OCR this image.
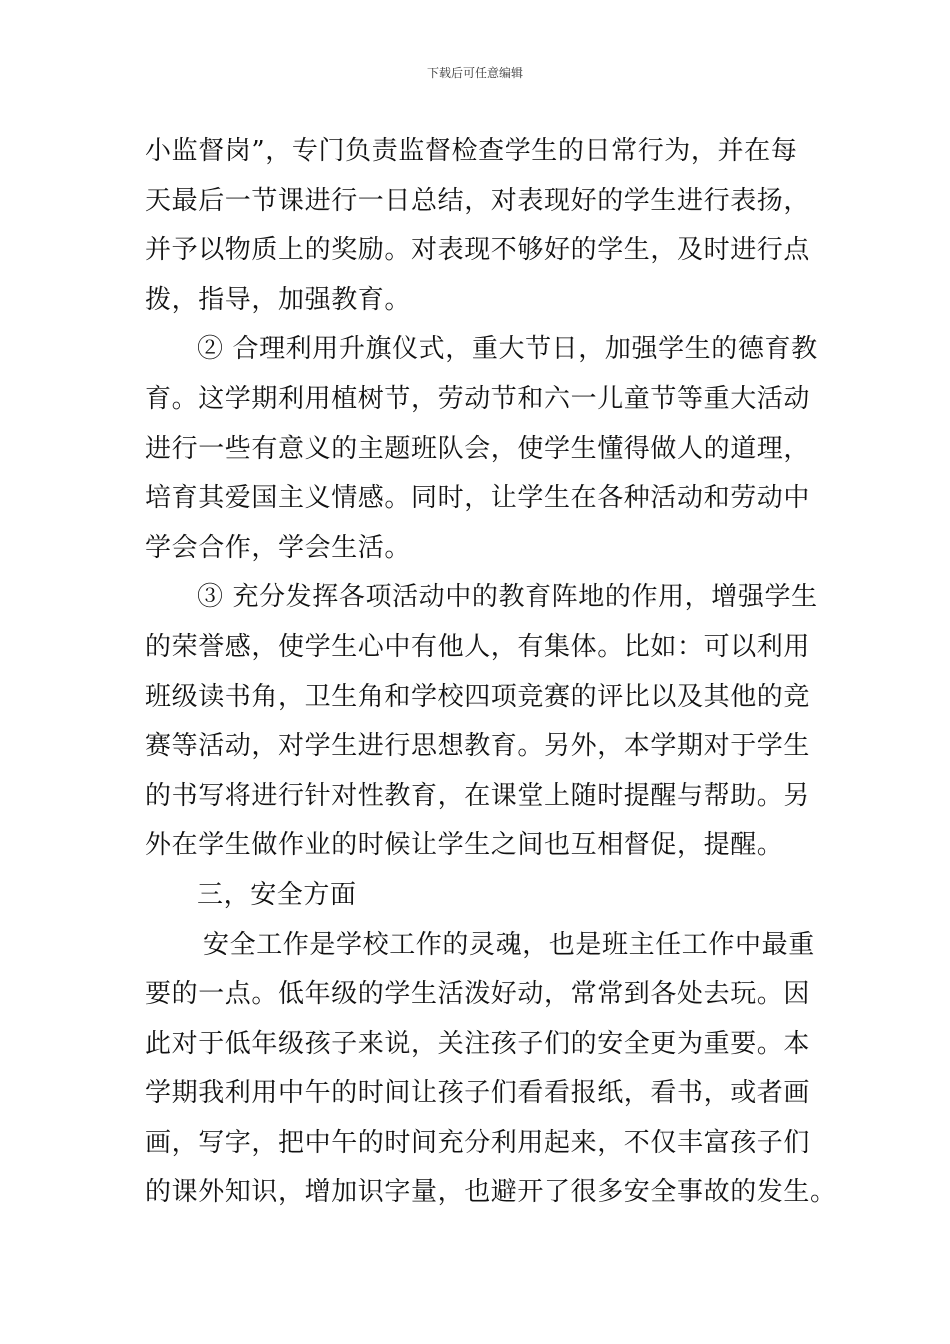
下载后可任意编辑
小监督岗”，专门负责监督检查学生的日常行为，并在每
天最后一节课进行一日总结，对表现好的学生进行表扬，
并予以物质上的奖励。对表现不够好的学生，及时进行点
拨，指导，加强教育。
② 合理利用升旗仪式，重大节日，加强学生的德育教
育。这学期利用植树节，劳动节和六一儿童节等重大活动
进行一些有意义的主题班队会，使学生懂得做人的道理，
培育其爱国主义情感。同时，让学生在各种活动和劳动中
学会合作，学会生活。
③ 充分发挥各项活动中的教育阵地的作用，增强学生
的荣誉感，使学生心中有他人，有集体。比如：可以利用
班级读书角，卫生角和学校四项竞赛的评比以及其他的竞
赛等活动，对学生进行思想教育。另外，本学期对于学生
的书写将进行针对性教育，在课堂上随时提醒与帮助。另
外在学生做作业的时候让学生之间也互相督促，提醒。
三，安全方面
安全工作是学校工作的灵魂，也是班主任工作中最重
要的一点。低年级的学生活泼好动，常常到各处去玩。因
此对于低年级孩子来说，关注孩子们的安全更为重要。本
学期我利用中午的时间让孩子们看看报纸，看书，或者画
画，写字，把中午的时间充分利用起来，不仅丰富孩子们
的课外知识，增加识字量，也避开了很多安全事故的发生。
